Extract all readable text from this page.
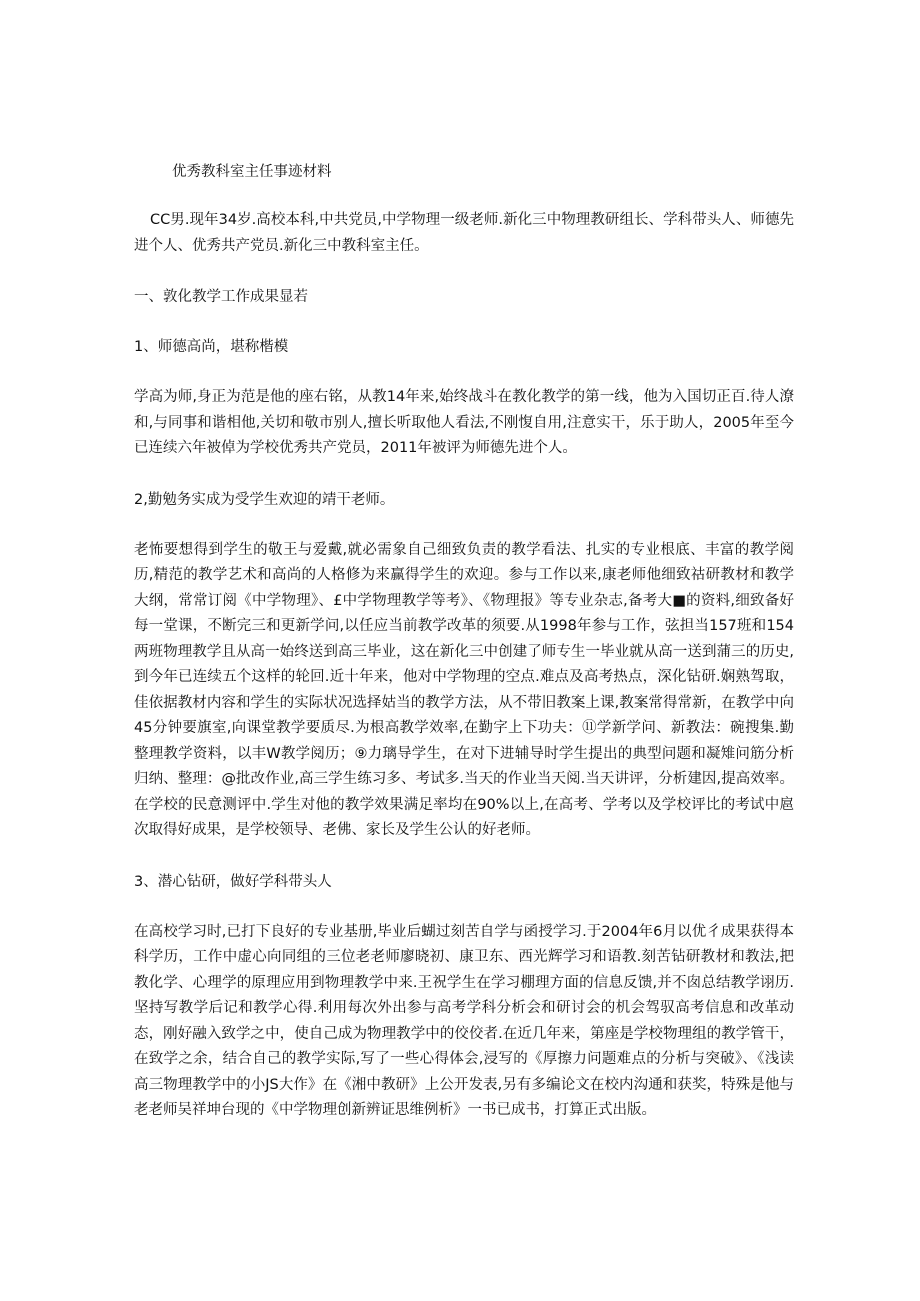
优秀教科室主任事迹材料

CC男.现年34岁.高校本科,中共党员,中学物理一级老师.新化三中物理教研组长、学科带头人、师德先进个人、优秀共产党员.新化三中教科室主任。

一、敦化教学工作成果显若
1、师德高尚，堪称楷模

学高为师,身正为范是他的座右铭，从教14年来,始终战斗在教化教学的第一线，他为入国切正百.待人潦和,与同事和谐相他,关切和敬市别人,擅长听取他人看法,不刚愎自用,注意实干，乐于助人，2005年至今已连续六年被倬为学校优秀共产党员，2011年被评为师德先进个人。

2,勤勉务实成为受学生欢迎的靖干老师。

老怖要想得到学生的敬王与爱戴,就必需象自己细致负责的教学看法、扎实的专业根底、丰富的教学阅历,精范的教学艺术和高尚的人格修为来赢得学生的欢迎。参与工作以来,康老师他细致祜研教材和教学大纲，常常订阅《中学物理》、£中学物理教学等考》、《物理报》等专业杂志,备考大■的资料,细致备好每一堂课，不断完三和更新学问,以任应当前教学改革的须要.从1998年参与工作，弦担当157班和154两班物理教学且从高一始终送到高三毕业，这在新化三中创建了师专生一毕业就从高一送到蒲三的历史,到今年已连续五个这样的轮回.近十年来，他对中学物理的空点.难点及高考热点，深化钻研.娴熟驾取，佳依据教材内容和学生的实际状况选择姑当的教学方法，从不带旧教案上课,教案常得常新，在教学中向45分钟要旗室,向课堂教学要质尽.为根高教学效率,在勤字上下功夫：⑪学新学问、新教法：碗搜集.勤整理教学资料，以丰W教学阅历；⑨力璃导学生，在对下进辅导时学生提出的典型问题和凝雉问筋分析归纳、整理：@批改作业,高三学生练习多、考试多.当天的作业当天阅.当天讲评，分析建因,提高效率。在学校的民意测评中.学生对他的教学效果满足率均在90%以上,在高考、学考以及学校评比的考试中扈次取得好成果，是学校领导、老佛、家长及学生公认的好老师。

3、潜心钻研，做好学科带头人

在高校学习时,已打下良好的专业基册,毕业后蝴过刻苦自学与函授学习.于2004年6月以优彳成果获得本科学历，工作中虚心向同组的三位老老师廖晓初、康卫东、西光辉学习和语教.刻苦钻研教材和教法,把教化学、心理学的原理应用到物理教学中来.王祝学生在学习棚理方面的信息反馈,并不囱总结教学诩历.坚持写教学后记和教学心得.利用每次外出参与高考学科分析会和研讨会的机会驾驭高考信息和改革动态，刚好融入致学之中，使自己成为物理教学中的佼佼者.在近几年来，第座是学校物理组的教学管干，在致学之余，结合自己的教学实际,写了一些心得体会,浸写的《厚擦力问题难点的分析与突破》、《浅读高三物理教学中的小JS大作》在《湘中教研》上公开发表,另有多编论文在校内沟通和获奖，特殊是他与老老师吴祥坤台现的《中学物理创新辨证思维例析》一书已成书，打算正式出版。
